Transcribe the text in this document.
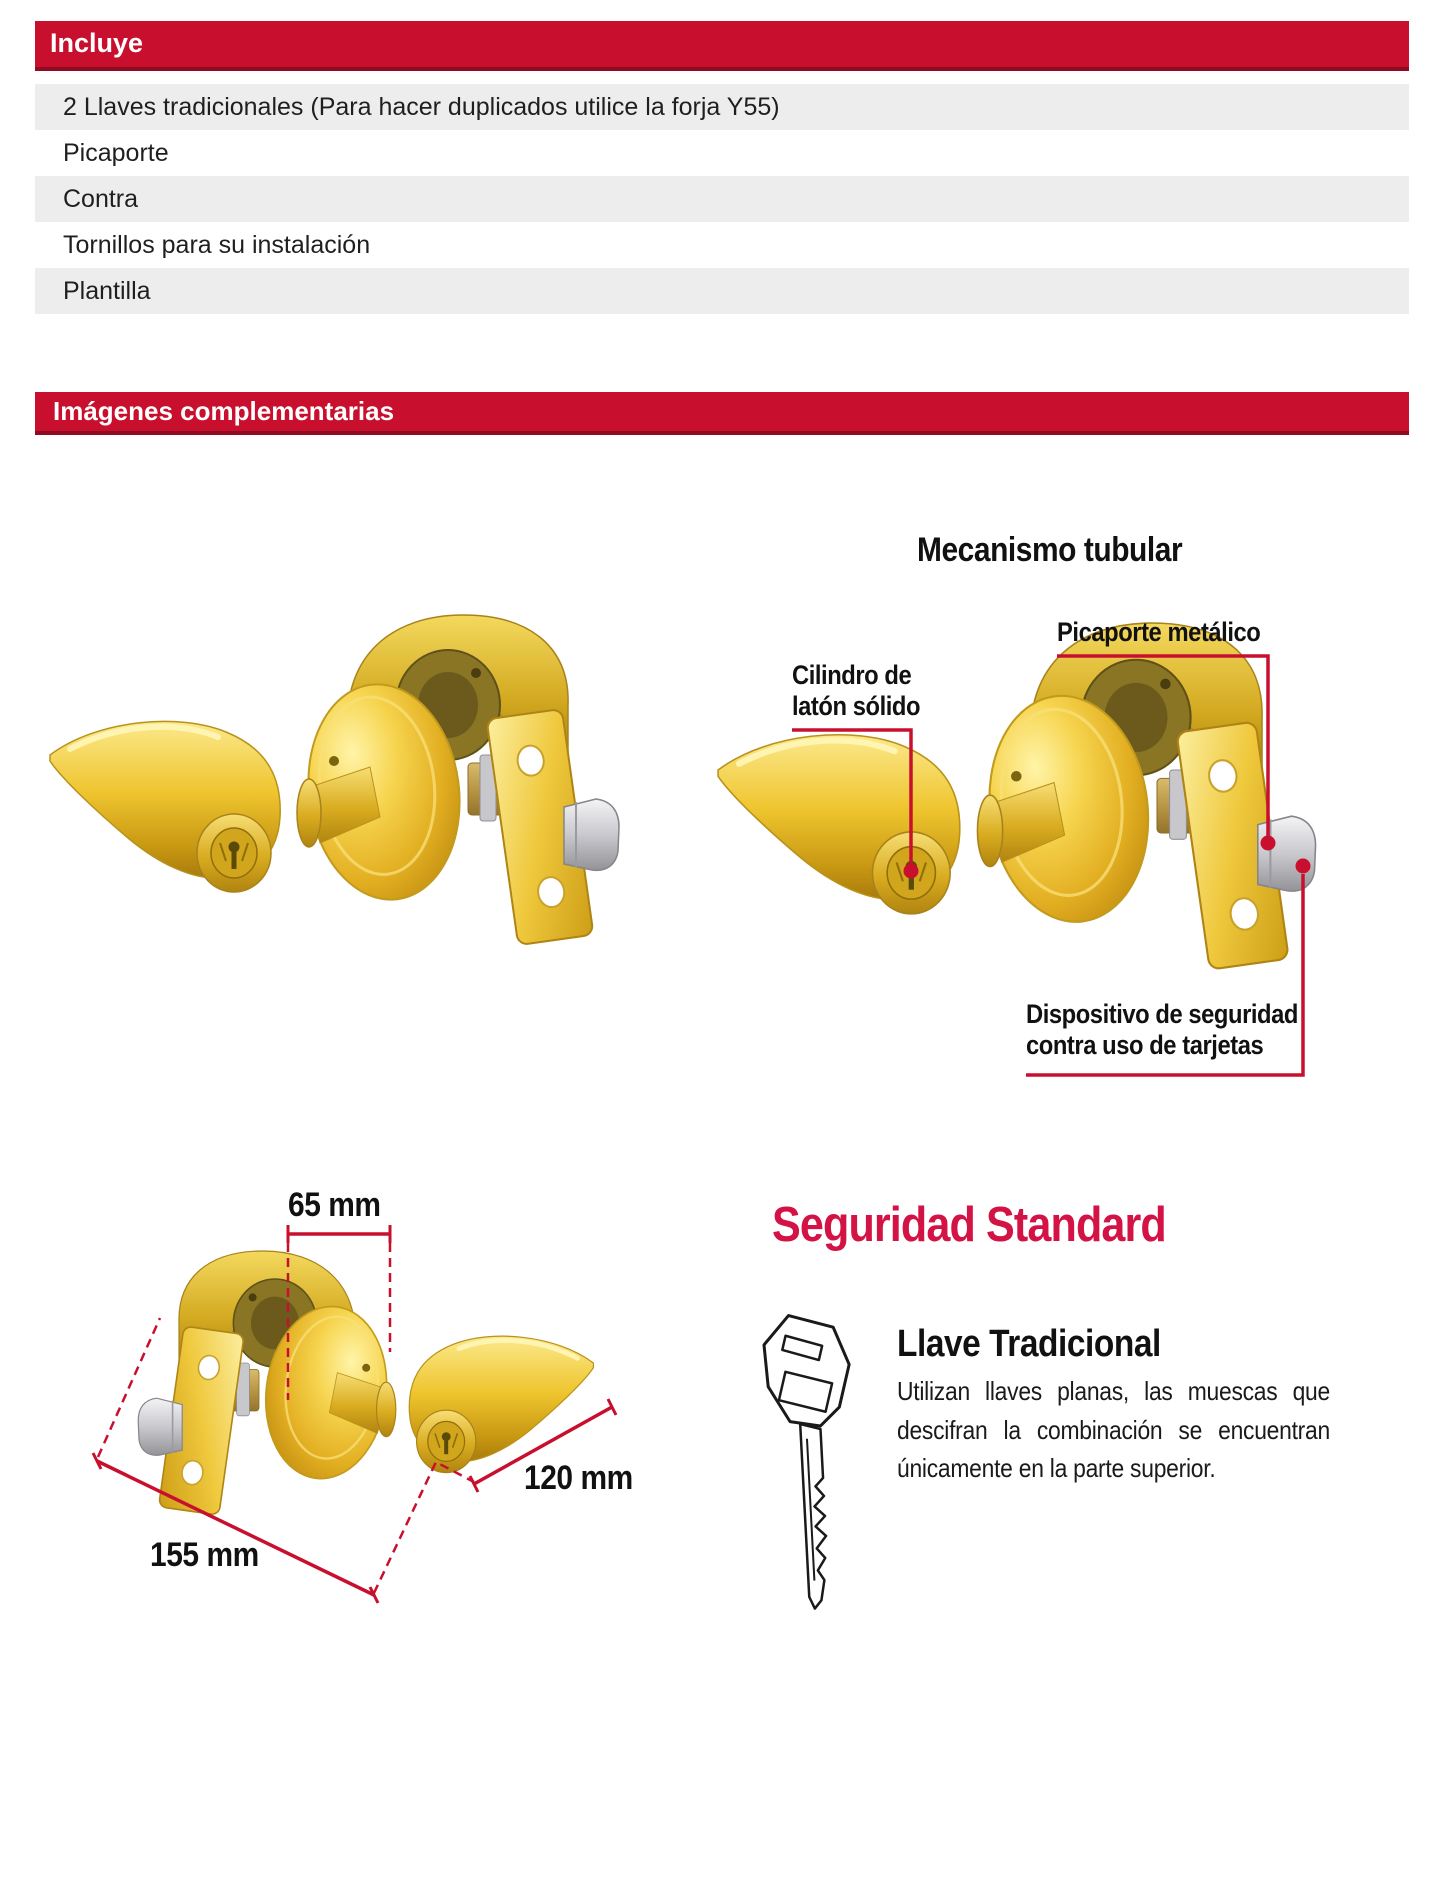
Incluye
2 Llaves tradicionales (Para hacer duplicados utilice la forja Y55)
Picaporte
Contra
Tornillos para su instalación
Plantilla
Imágenes complementarias
Mecanismo tubular
Picaporte metálico
Cilindro de
latón sólido
Dispositivo de seguridad
contra uso de tarjetas
65 mm
120 mm
155 mm
Seguridad Standard
Llave Tradicional
Utilizan llaves planas, las muescas que
descifran la combinación se encuentran
únicamente en la parte superior.
